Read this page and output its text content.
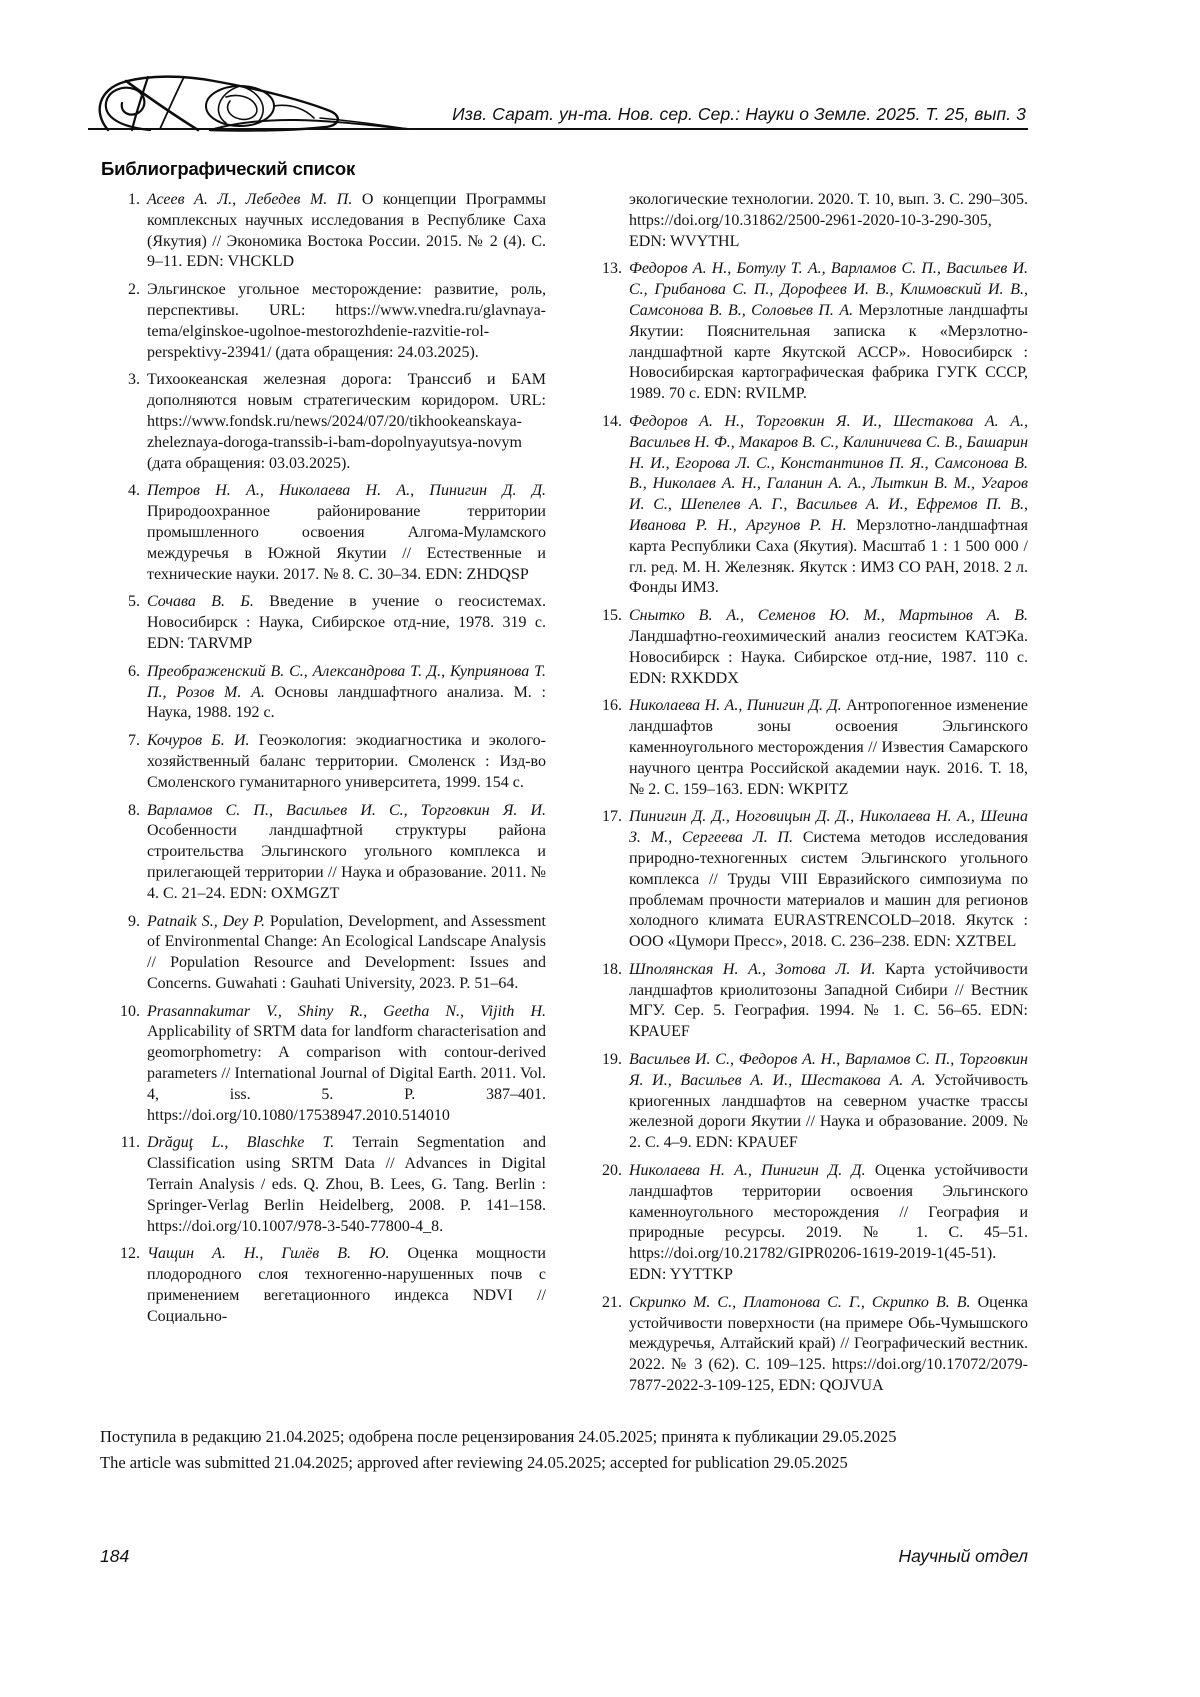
Изв. Сарат. ун-та. Нов. сер. Сер.: Науки о Земле. 2025. Т. 25, вып. 3
Библиографический список
1. Асеев А. Л., Лебедев М. П. О концепции Программы комплексных научных исследования в Республике Саха (Якутия) // Экономика Востока России. 2015. № 2 (4). С. 9–11. EDN: VHCKLD
2. Эльгинское угольное месторождение: развитие, роль, перспективы. URL: https://www.vnedra.ru/glavnaya-tema/elginskoe-ugolnoe-mestorozhdenie-razvitie-rol-perspektivy-23941/ (дата обращения: 24.03.2025).
3. Тихоокеанская железная дорога: Транссиб и БАМ дополняются новым стратегическим коридором. URL: https://www.fondsk.ru/news/2024/07/20/tikhookeanskaya-zheleznaya-doroga-transsib-i-bam-dopolnyayutsya-novym (дата обращения: 03.03.2025).
4. Петров Н. А., Николаева Н. А., Пинигин Д. Д. Природоохранное районирование территории промышленного освоения Алгома-Муламского междуречья в Южной Якутии // Естественные и технические науки. 2017. № 8. С. 30–34. EDN: ZHDQSP
5. Сочава В. Б. Введение в учение о геосистемах. Новосибирск : Наука, Сибирское отд-ние, 1978. 319 с. EDN: TARVMP
6. Преображенский В. С., Александрова Т. Д., Куприянова Т. П., Розов М. А. Основы ландшафтного анализа. М. : Наука, 1988. 192 с.
7. Кочуров Б. И. Геоэкология: экодиагностика и эколого-хозяйственный баланс территории. Смоленск : Изд-во Смоленского гуманитарного университета, 1999. 154 с.
8. Варламов С. П., Васильев И. С., Торговкин Я. И. Особенности ландшафтной структуры района строительства Эльгинского угольного комплекса и прилегающей территории // Наука и образование. 2011. № 4. С. 21–24. EDN: OXMGZT
9. Patnaik S., Dey P. Population, Development, and Assessment of Environmental Change: An Ecological Landscape Analysis // Population Resource and Development: Issues and Concerns. Guwahati : Gauhati University, 2023. P. 51–64.
10. Prasannakumar V., Shiny R., Geetha N., Vijith H. Applicability of SRTM data for landform characterisation and geomorphometry: A comparison with contour-derived parameters // International Journal of Digital Earth. 2011. Vol. 4, iss. 5. P. 387–401. https://doi.org/10.1080/17538947.2010.514010
11. Drăguţ L., Blaschke T. Terrain Segmentation and Classification using SRTM Data // Advances in Digital Terrain Analysis / eds. Q. Zhou, B. Lees, G. Tang. Berlin : Springer-Verlag Berlin Heidelberg, 2008. P. 141–158. https://doi.org/10.1007/978-3-540-77800-4_8.
12. Чащин А. Н., Гилёв В. Ю. Оценка мощности плодородного слоя техногенно-нарушенных почв с применением вегетационного индекса NDVI // Социально-
экологические технологии. 2020. Т. 10, вып. 3. С. 290–305. https://doi.org/10.31862/2500-2961-2020-10-3-290-305, EDN: WVYTHL
13. Федоров А. Н., Ботулу Т. А., Варламов С. П., Васильев И. С., Грибанова С. П., Дорофеев И. В., Климовский И. В., Самсонова В. В., Соловьев П. А. Мерзлотные ландшафты Якутии: Пояснительная записка к «Мерзлотно-ландшафтной карте Якутской АССР». Новосибирск : Новосибирская картографическая фабрика ГУГК СССР, 1989. 70 с. EDN: RVILMP.
14. Федоров А. Н., Торговкин Я. И., Шестакова А. А., Васильев Н. Ф., Макаров В. С., Калиничева С. В., Башарин Н. И., Егорова Л. С., Константинов П. Я., Самсонова В. В., Николаев А. Н., Галанин А. А., Лыткин В. М., Угаров И. С., Шепелев А. Г., Васильев А. И., Ефремов П. В., Иванова Р. Н., Аргунов Р. Н. Мерзлотно-ландшафтная карта Республики Саха (Якутия). Масштаб 1 : 1 500 000 / гл. ред. М. Н. Железняк. Якутск : ИМЗ СО РАН, 2018. 2 л. Фонды ИМЗ.
15. Снытко В. А., Семенов Ю. М., Мартынов А. В. Ландшафтно-геохимический анализ геосистем КАТЭКа. Новосибирск : Наука. Сибирское отд-ние, 1987. 110 с. EDN: RXKDDX
16. Николаева Н. А., Пинигин Д. Д. Антропогенное изменение ландшафтов зоны освоения Эльгинского каменноугольного месторождения // Известия Самарского научного центра Российской академии наук. 2016. Т. 18, № 2. С. 159–163. EDN: WKPITZ
17. Пинигин Д. Д., Ноговицын Д. Д., Николаева Н. А., Шеина З. М., Сергеева Л. П. Система методов исследования природно-техногенных систем Эльгинского угольного комплекса // Труды VIII Евразийского симпозиума по проблемам прочности материалов и машин для регионов холодного климата EURASTRENCOLD–2018. Якутск : ООО «Цумори Пресс», 2018. С. 236–238. EDN: XZTBEL
18. Шполянская Н. А., Зотова Л. И. Карта устойчивости ландшафтов криолитозоны Западной Сибири // Вестник МГУ. Сер. 5. География. 1994. № 1. С. 56–65. EDN: KPAUEF
19. Васильев И. С., Федоров А. Н., Варламов С. П., Торговкин Я. И., Васильев А. И., Шестакова А. А. Устойчивость криогенных ландшафтов на северном участке трассы железной дороги Якутии // Наука и образование. 2009. № 2. С. 4–9. EDN: KPAUEF
20. Николаева Н. А., Пинигин Д. Д. Оценка устойчивости ландшафтов территории освоения Эльгинского каменноугольного месторождения // География и природные ресурсы. 2019. № 1. С. 45–51. https://doi.org/10.21782/GIPR0206-1619-2019-1(45-51). EDN: YYTTKP
21. Скрипко М. С., Платонова С. Г., Скрипко В. В. Оценка устойчивости поверхности (на примере Обь-Чумышского междуречья, Алтайский край) // Географический вестник. 2022. № 3 (62). С. 109–125. https://doi.org/10.17072/2079-7877-2022-3-109-125, EDN: QOJVUA
Поступила в редакцию 21.04.2025; одобрена после рецензирования 24.05.2025; принята к публикации 29.05.2025
The article was submitted 21.04.2025; approved after reviewing 24.05.2025; accepted for publication 29.05.2025
184	Научный отдел
